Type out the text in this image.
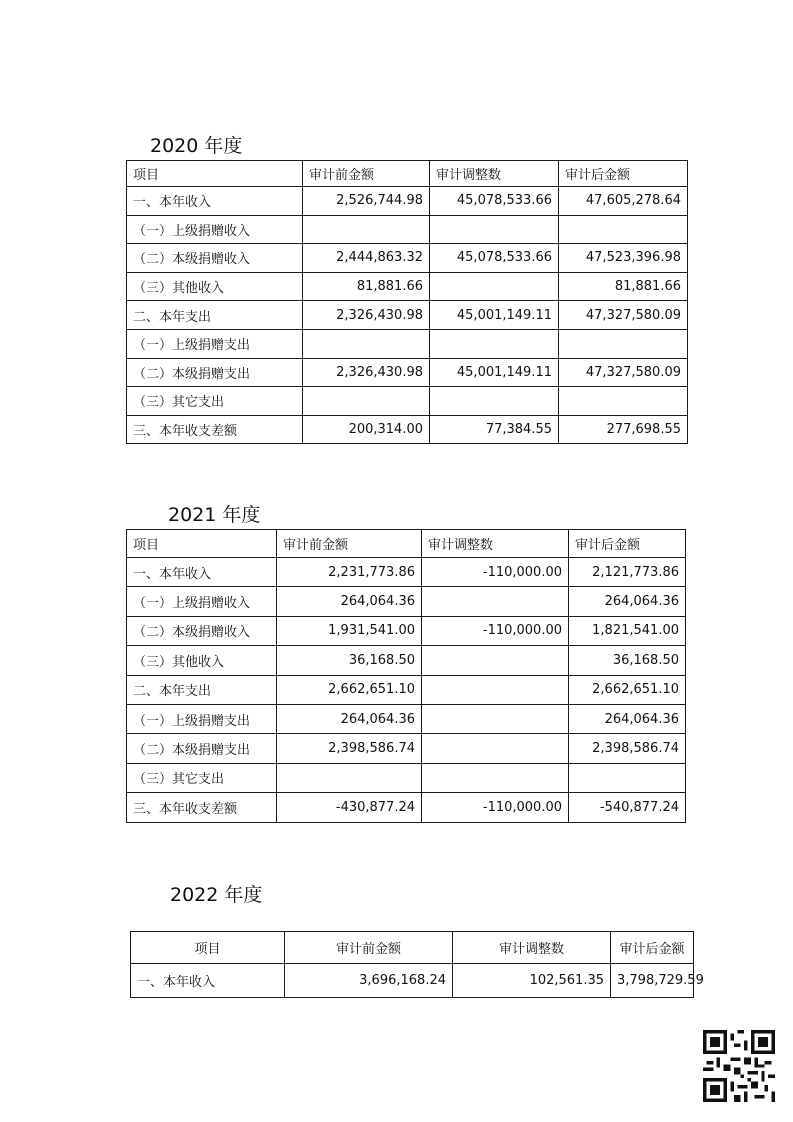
2020 年度
项目	审计前金额	审计调整数	审计后金额
一、本年收入	2,526,744.98	45,078,533.66	47,605,278.64
（一）上级捐赠收入			
（二）本级捐赠收入	2,444,863.32	45,078,533.66	47,523,396.98
（三）其他收入	81,881.66		81,881.66
二、本年支出	2,326,430.98	45,001,149.11	47,327,580.09
（一）上级捐赠支出			
（二）本级捐赠支出	2,326,430.98	45,001,149.11	47,327,580.09
（三）其它支出			
三、本年收支差额	200,314.00	77,384.55	277,698.55
2021 年度
项目	审计前金额	审计调整数	审计后金额
一、本年收入	2,231,773.86	-110,000.00	2,121,773.86
（一）上级捐赠收入	264,064.36		264,064.36
（二）本级捐赠收入	1,931,541.00	-110,000.00	1,821,541.00
（三）其他收入	36,168.50		36,168.50
二、本年支出	2,662,651.10		2,662,651.10
（一）上级捐赠支出	264,064.36		264,064.36
（二）本级捐赠支出	2,398,586.74		2,398,586.74
（三）其它支出			
三、本年收支差额	-430,877.24	-110,000.00	-540,877.24
2022 年度
项目	审计前金额	审计调整数	审计后金额
一、本年收入	3,696,168.24	102,561.35	3,798,729.59
